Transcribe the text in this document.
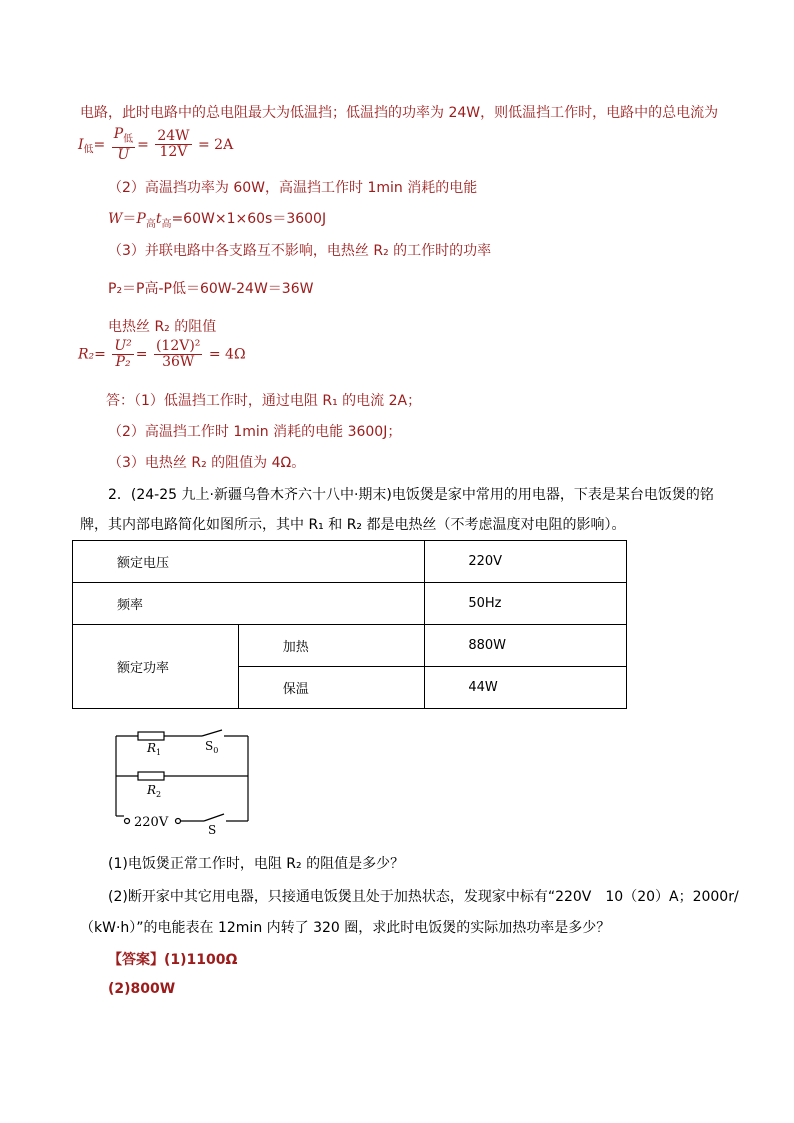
电路，此时电路中的总电阻最大为低温挡；低温挡的功率为 24W，则低温挡工作时，电路中的总电流为
$I_低= \frac{P_低}{U} = \frac{24W}{12V} = 2A$
（2）高温挡功率为 60W，高温挡工作时 1min 消耗的电能
$W=P_高t_高=60W\times 1\times 60s=3600J$
（3）并联电路中各支路互不影响，电热丝 R₂ 的工作时的功率
P₂＝P高-P低＝60W-24W＝36W
电热丝 R₂ 的阻值
$R_2= \frac{\text{U²}}{\text{P₂}} = \frac{\text{(12V)²}}{36W} = 4\Omega$
答：（1）低温挡工作时，通过电阻 R₁ 的电流 2A；
（2）高温挡工作时 1min 消耗的电能 3600J；
（3）电热丝 R₂ 的阻值为 4Ω。
2．(24-25 九上·新疆乌鲁木齐六十八中·期末)电饭煲是家中常用的用电器，下表是某台电饭煲的铭
牌，其内部电路简化如图所示，其中 R₁ 和 R₂ 都是电热丝（不考虑温度对电阻的影响）。
额定电压		220V
频率		50Hz
额定功率	加热	880W
	保温	44W
$R_1$	$S_0$
$R_2$
220V	S
(1)电饭煲正常工作时，电阻 R₂ 的阻值是多少？
(2)断开家中其它用电器，只接通电饭煲且处于加热状态，发现家中标有“220V　10（20）A；2000r/
（kW·h）”的电能表在 12min 内转了 320 圈，求此时电饭煲的实际加热功率是多少？
【答案】(1)1100Ω
(2)800W
